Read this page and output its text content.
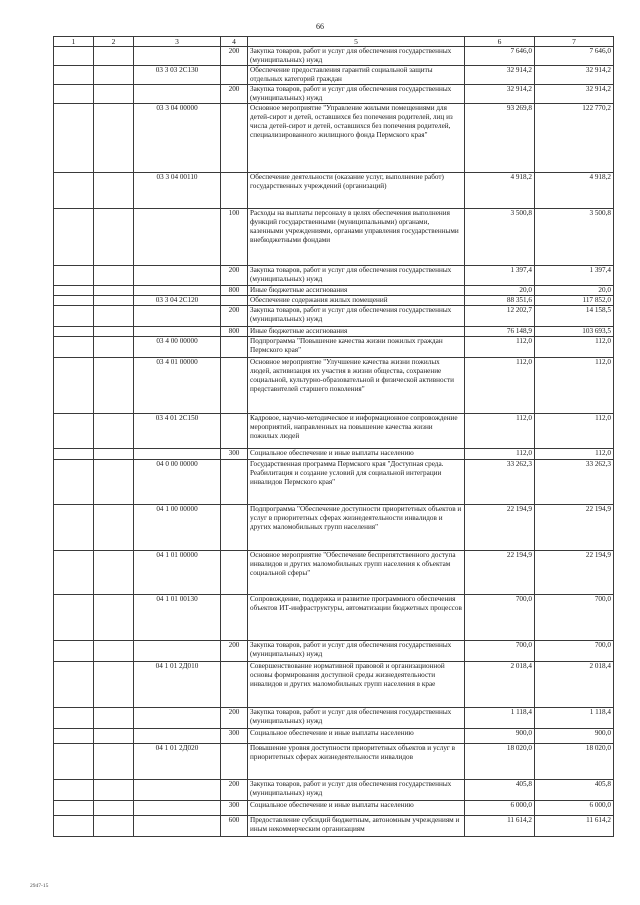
66
1	2	3	4	5	6	7
			200	Закупка товаров, работ и услуг для обеспечения государственных (муниципальных) нужд	7 646,0	7 646,0
		03 3 03 2С130		Обеспечение предоставления гарантий социальной защиты отдельных категорий граждан	32 914,2	32 914,2
			200	Закупка товаров, работ и услуг для обеспечения государственных (муниципальных) нужд	32 914,2	32 914,2
		03 3 04 00000		Основное мероприятие "Управление жилыми помещениями для детей-сирот и детей, оставшихся без попечения родителей, лиц из числа детей-сирот и детей, оставшихся без попечения родителей, специализированного жилищного фонда Пермского края"	93 269,8	122 770,2
		03 3 04 00110		Обеспечение деятельности (оказание услуг, выполнение работ) государственных учреждений (организаций)	4 918,2	4 918,2
			100	Расходы на выплаты персоналу в целях обеспечения выполнения функций государственными (муниципальными) органами, казенными учреждениями, органами управления государственными внебюджетными фондами	3 500,8	3 500,8
			200	Закупка товаров, работ и услуг для обеспечения государственных (муниципальных) нужд	1 397,4	1 397,4
			800	Иные бюджетные ассигнования	20,0	20,0
		03 3 04 2С120		Обеспечение содержания жилых помещений	88 351,6	117 852,0
			200	Закупка товаров, работ и услуг для обеспечения государственных (муниципальных) нужд	12 202,7	14 158,5
			800	Иные бюджетные ассигнования	76 148,9	103 693,5
		03 4 00 00000		Подпрограмма "Повышение качества жизни пожилых граждан Пермского края"	112,0	112,0
		03 4 01 00000		Основное мероприятие "Улучшение качества жизни пожилых людей, активизация их участия в жизни общества, сохранение социальной, культурно-образовательной и физической активности представителей старшего поколения"	112,0	112,0
		03 4 01 2С150		Кадровое, научно-методическое и информационное сопровождение мероприятий, направленных на повышение качества жизни пожилых людей	112,0	112,0
			300	Социальное обеспечение и иные выплаты населению	112,0	112,0
		04 0 00 00000		Государственная программа Пермского края "Доступная среда. Реабилитация и создание условий для социальной интеграции инвалидов Пермского края"	33 262,3	33 262,3
		04 1 00 00000		Подпрограмма "Обеспечение доступности приоритетных объектов и услуг в приоритетных сферах жизнедеятельности инвалидов и других маломобильных групп населения"	22 194,9	22 194,9
		04 1 01 00000		Основное мероприятие "Обеспечение беспрепятственного доступа инвалидов и других маломобильных групп населения к объектам социальной сферы"	22 194,9	22 194,9
		04 1 01 00130		Сопровождение, поддержка и развитие программного обеспечения объектов ИТ-инфраструктуры, автоматизации бюджетных процессов	700,0	700,0
			200	Закупка товаров, работ и услуг для обеспечения государственных (муниципальных) нужд	700,0	700,0
		04 1 01 2Д010		Совершенствование нормативной правовой и организационной основы формирования доступной среды жизнедеятельности инвалидов и других маломобильных групп населения в крае	2 018,4	2 018,4
			200	Закупка товаров, работ и услуг для обеспечения государственных (муниципальных) нужд	1 118,4	1 118,4
			300	Социальное обеспечение и иные выплаты населению	900,0	900,0
		04 1 01 2Д020		Повышение уровня доступности приоритетных объектов и услуг в приоритетных сферах жизнедеятельности инвалидов	18 020,0	18 020,0
			200	Закупка товаров, работ и услуг для обеспечения государственных (муниципальных) нужд	405,8	405,8
			300	Социальное обеспечение и иные выплаты населению	6 000,0	6 000,0
			600	Предоставление субсидий бюджетным, автономным учреждениям и иным некоммерческим организациям	11 614,2	11 614,2
2947-15
